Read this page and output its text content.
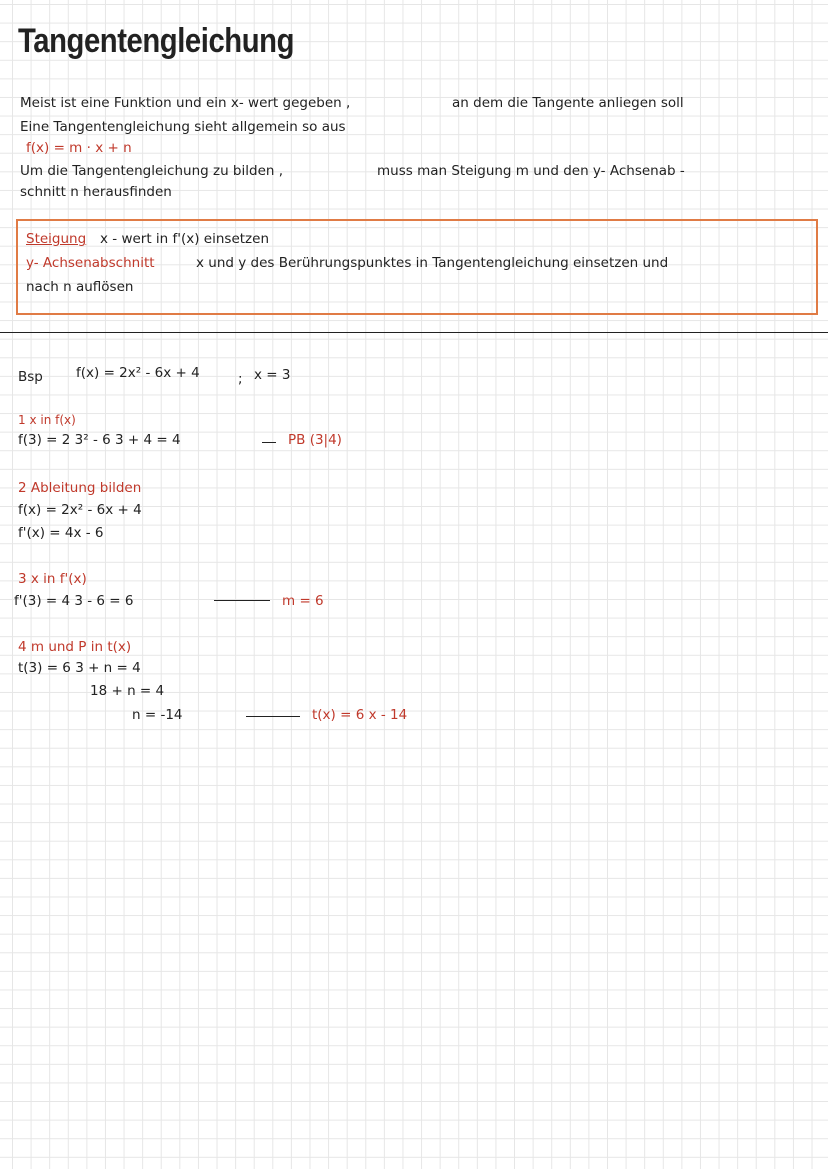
Tangentengleichung
Meist ist eine Funktion und ein x- wert gegeben ,	an dem die Tangente anliegen soll
Eine Tangentengleichung sieht allgemein so aus
f(x) = m · x + n
Um die Tangentengleichung zu bilden ,	muss man Steigung m und den y- Achsenab -
schnitt n herausfinden
Steigung x - wert in f'(x) einsetzen
y- Achsenabschnitt	x und y des Berührungspunktes in Tangentengleichung einsetzen und
nach n auflösen
Bsp f(x) = 2x² - 6x + 4	; x = 3
1 x in f(x)
f(3) = 2 3² - 6 3 + 4 = 4	PB (3|4)
2 Ableitung bilden
f(x) = 2x² - 6x + 4
f'(x) = 4x - 6
3 x in f'(x)
f'(3) = 4 3 - 6 = 6	m = 6
4 m und P in t(x)
t(3) = 6 3 + n = 4
18 + n = 4
n = -14	t(x) = 6 x - 14
